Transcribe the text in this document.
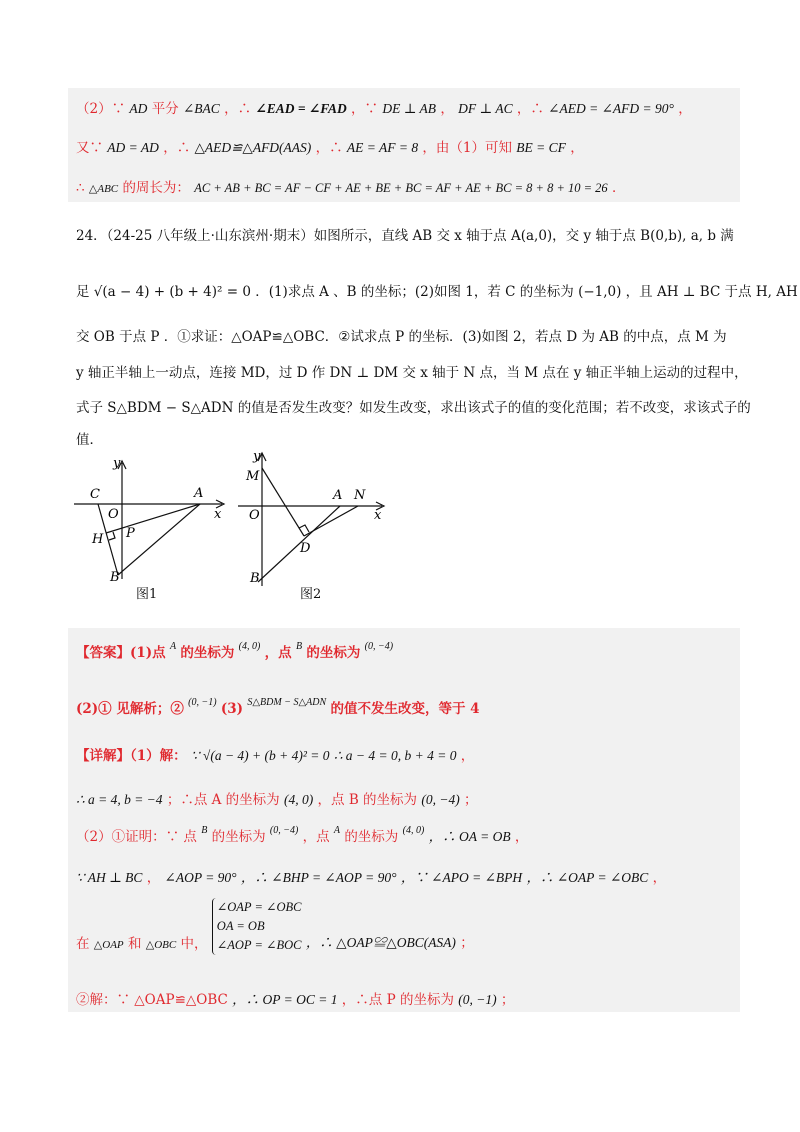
（2）∵ AD 平分 ∠BAC ，∴ ∠EAD = ∠FAD ，∵ DE ⊥ AB ， DF ⊥ AC ，∴ ∠AED = ∠AFD = 90° ，
又∵ AD = AD ，∴ △AED≌△AFD(AAS) ，∴ AE = AF = 8 ，由（1）可知 BE = CF ，
∴ △ABC 的周长为： AC + AB + BC = AF − CF + AE + BE + BC = AF + AE + BC = 8 + 8 + 10 = 26 ．
24．（24-25 八年级上·山东滨州·期末）如图所示，直线 AB 交 x 轴于点 A(a,0)，交 y 轴于点 B(0,b), a, b 满
足 √(a − 4) + (b + 4)² = 0 ．(1)求点 A 、B 的坐标；(2)如图 1，若 C 的坐标为 (−1,0) ，且 AH ⊥ BC 于点 H, AH
交 OB 于点 P ．①求证：△OAP≌△OBC．②试求点 P 的坐标．(3)如图 2，若点 D 为 AB 的中点，点 M 为
y 轴正半轴上一动点，连接 MD，过 D 作 DN ⊥ DM 交 x 轴于 N 点，当 M 点在 y 轴正半轴上运动的过程中，
式子 S△BDM − S△ADN 的值是否发生改变？如发生改变，求出该式子的值的变化范围；若不改变，求该式子的
值．
y
x
C
O
A
H P
B
图1
y
x
M
O
A N
D
B
图2
【答案】(1)点 $^A$ 的坐标为 $^{(4, 0)}$ ，点 $^B$ 的坐标为 $^{(0, -4)}$
(2)① 见解析；② $^{(0, -1)}$ (3) $^{S\triangle BDM - S\triangle ADN}$ 的值不发生改变，等于 4
【详解】（1）解： ∵ √(a − 4) + (b + 4)² = 0 ∴ a − 4 = 0, b + 4 = 0 ，
∴ a = 4, b = −4 ；∴点 A 的坐标为 (4, 0) ，点 B 的坐标为 (0, −4) ；
（2）①证明：∵ 点 $^B$ 的坐标为 $^{(0, -4)}$ ，点 $^A$ 的坐标为 $^{(4, 0)}$ ，∴ OA = OB ，
∵ AH ⊥ BC ， ∠AOP = 90° ，∴ ∠BHP = ∠AOP = 90° ，∵ ∠APO = ∠BPH ，∴ ∠OAP = ∠OBC ，
在 △OAP 和 △OBC 中，
∠OAP = ∠OBC
OA = OB
∠AOP = ∠BOC ，∴ △OAP≌△OBC(ASA) ；
②解：∵ △OAP≌△OBC ，∴ OP = OC = 1 ，∴点 P 的坐标为 (0, −1) ；
